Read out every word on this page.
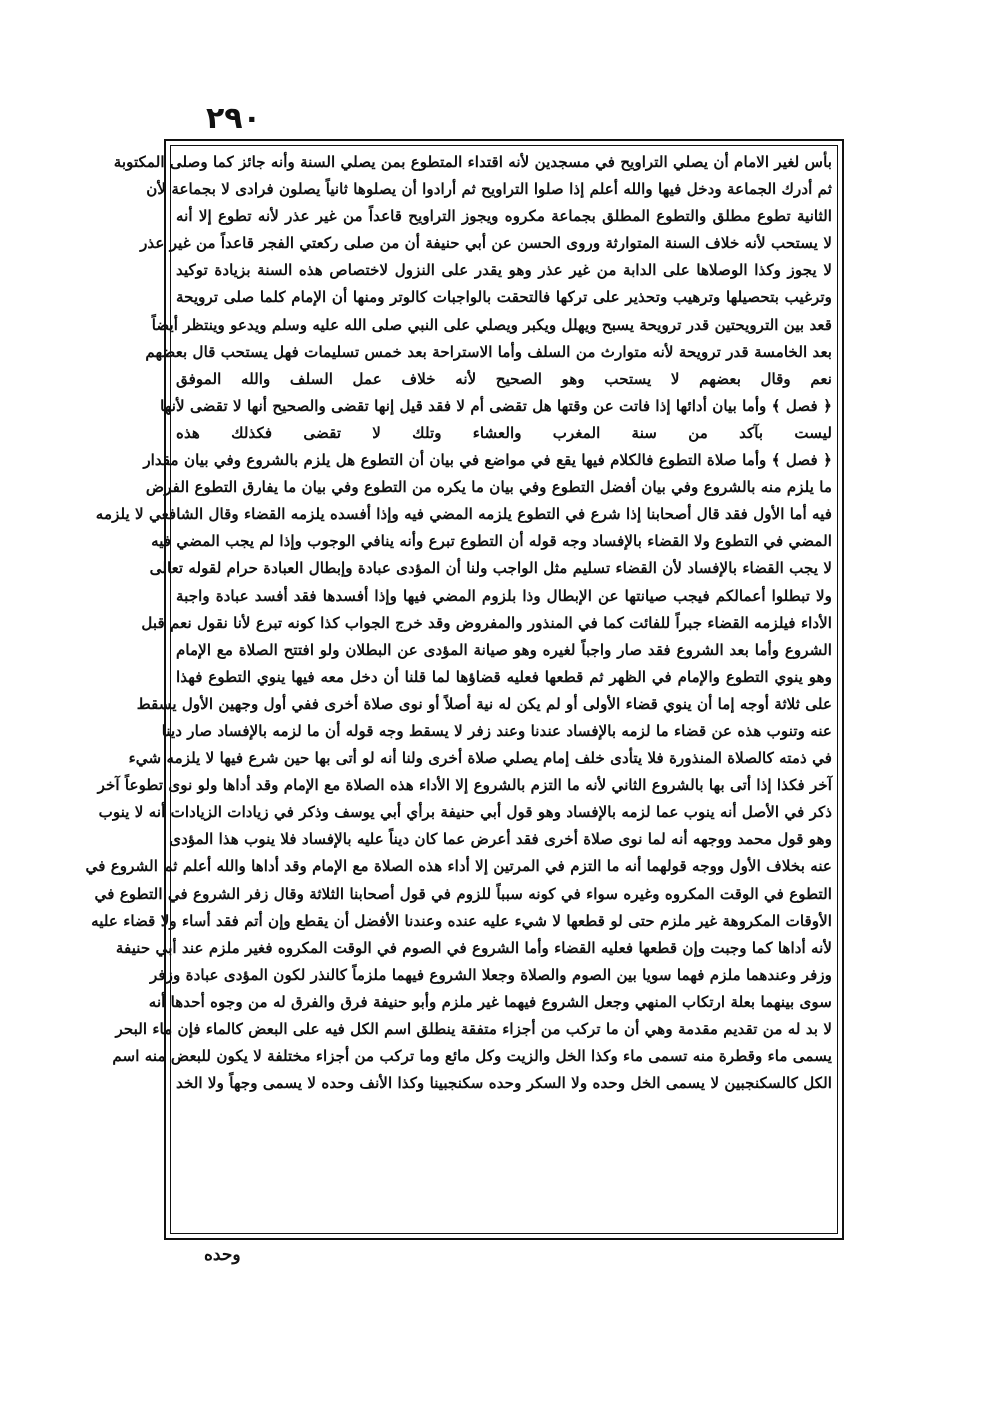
٢٩٠
بأس لغير الامام أن يصلي التراويح في مسجدين لأنه اقتداء المتطوع بمن يصلي السنة وأنه جائز كما وصلى المكتوبة
ثم أدرك الجماعة ودخل فيها والله أعلم إذا صلوا التراويح ثم أرادوا أن يصلوها ثانياً يصلون فرادى لا بجماعة لأن
الثانية تطوع مطلق والتطوع المطلق بجماعة مكروه ويجوز التراويح قاعداً من غير عذر لأنه تطوع إلا أنه
لا يستحب لأنه خلاف السنة المتوارثة وروى الحسن عن أبي حنيفة أن من صلى ركعتي الفجر قاعداً من غير عذر
لا يجوز وكذا الوصلاها على الدابة من غير عذر وهو يقدر على النزول لاختصاص هذه السنة بزيادة توكيد
وترغيب بتحصيلها وترهيب وتحذير على تركها فالتحقت بالواجبات كالوتر ومنها أن الإمام كلما صلى ترويحة
قعد بين الترويحتين قدر ترويحة يسبح ويهلل ويكبر ويصلي على النبي صلى الله عليه وسلم ويدعو وينتظر أيضاً
بعد الخامسة قدر ترويحة لأنه متوارث من السلف وأما الاستراحة بعد خمس تسليمات فهل يستحب قال بعضهم
نعم وقال بعضهم لا يستحب وهو الصحيح لأنه خلاف عمل السلف والله الموفق
﴿ فصل ﴾ وأما بيان أدائها إذا فاتت عن وقتها هل تقضى أم لا فقد قيل إنها تقضى والصحيح أنها لا تقضى لأنها
ليست بآكد من سنة المغرب والعشاء وتلك لا تقضى فكذلك هذه
﴿ فصل ﴾ وأما صلاة التطوع فالكلام فيها يقع في مواضع في بيان أن التطوع هل يلزم بالشروع وفي بيان مقدار
ما يلزم منه بالشروع وفي بيان أفضل التطوع وفي بيان ما يكره من التطوع وفي بيان ما يفارق التطوع الفرض
فيه أما الأول فقد قال أصحابنا إذا شرع في التطوع يلزمه المضي فيه وإذا أفسده يلزمه القضاء وقال الشافعي لا يلزمه
المضي في التطوع ولا القضاء بالإفساد وجه قوله أن التطوع تبرع وأنه ينافي الوجوب وإذا لم يجب المضي فيه
لا يجب القضاء بالإفساد لأن القضاء تسليم مثل الواجب ولنا أن المؤدى عبادة وإبطال العبادة حرام لقوله تعالى
ولا تبطلوا أعمالكم فيجب صيانتها عن الإبطال وذا بلزوم المضي فيها وإذا أفسدها فقد أفسد عبادة واجبة
الأداء فيلزمه القضاء جبراً للفائت كما في المنذور والمفروض وقد خرج الجواب كذا كونه تبرع لأنا نقول نعم قبل
الشروع وأما بعد الشروع فقد صار واجباً لغيره وهو صيانة المؤدى عن البطلان ولو افتتح الصلاة مع الإمام
وهو ينوي التطوع والإمام في الظهر ثم قطعها فعليه قضاؤها لما قلنا أن دخل معه فيها ينوي التطوع فهذا
على ثلاثة أوجه إما أن ينوي قضاء الأولى أو لم يكن له نية أصلاً أو نوى صلاة أخرى ففي أول وجهين الأول يسقط
عنه وتنوب هذه عن قضاء ما لزمه بالإفساد عندنا وعند زفر لا يسقط وجه قوله أن ما لزمه بالإفساد صار دينا
في ذمته كالصلاة المنذورة فلا يتأدى خلف إمام يصلي صلاة أخرى ولنا أنه لو أتى بها حين شرع فيها لا يلزمه شيء
آخر فكذا إذا أتى بها بالشروع الثاني لأنه ما التزم بالشروع إلا الأداء هذه الصلاة مع الإمام وقد أداها ولو نوى تطوعاً آخر
ذكر في الأصل أنه ينوب عما لزمه بالإفساد وهو قول أبي حنيفة برأي أبي يوسف وذكر في زيادات الزيادات أنه لا ينوب
وهو قول محمد ووجهه أنه لما نوى صلاة أخرى فقد أعرض عما كان ديناً عليه بالإفساد فلا ينوب هذا المؤدى
عنه بخلاف الأول ووجه قولهما أنه ما التزم في المرتين إلا أداء هذه الصلاة مع الإمام وقد أداها والله أعلم ثم الشروع في
التطوع في الوقت المكروه وغيره سواء في كونه سبباً للزوم في قول أصحابنا الثلاثة وقال زفر الشروع في التطوع في
الأوقات المكروهة غير ملزم حتى لو قطعها لا شيء عليه عنده وعندنا الأفضل أن يقطع وإن أتم فقد أساء ولا قضاء عليه
لأنه أداها كما وجبت وإن قطعها فعليه القضاء وأما الشروع في الصوم في الوقت المكروه فغير ملزم عند أبي حنيفة
وزفر وعندهما ملزم فهما سويا بين الصوم والصلاة وجعلا الشروع فيهما ملزماً كالنذر لكون المؤدى عبادة وزفر
سوى بينهما بعلة ارتكاب المنهي وجعل الشروع فيهما غير ملزم وأبو حنيفة فرق والفرق له من وجوه أحدها أنه
لا بد له من تقديم مقدمة وهي أن ما تركب من أجزاء متفقة ينطلق اسم الكل فيه على البعض كالماء فإن ماء البحر
يسمى ماء وقطرة منه تسمى ماء وكذا الخل والزيت وكل مائع وما تركب من أجزاء مختلفة لا يكون للبعض منه اسم
الكل كالسكنجبين لا يسمى الخل وحده ولا السكر وحده سكنجبينا وكذا الأنف وحده لا يسمى وجهاً ولا الخد
وحده
